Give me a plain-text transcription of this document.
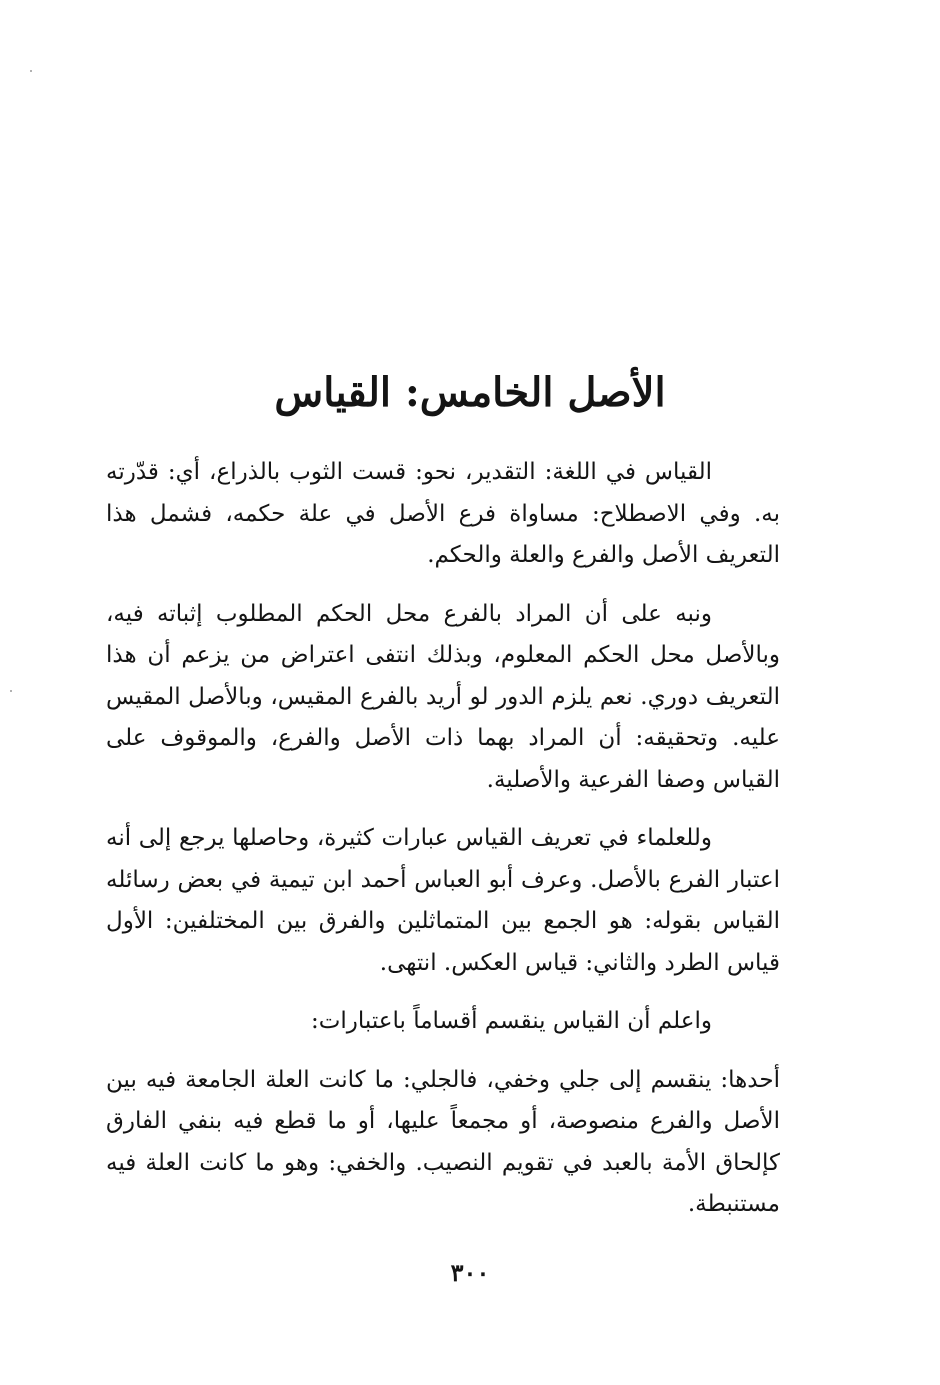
الأصل الخامس: القياس

القياس في اللغة: التقدير، نحو: قست الثوب بالذراع، أي: قدّرته به. وفي الاصطلاح: مساواة فرع الأصل في علة حكمه، فشمل هذا التعريف الأصل والفرع والعلة والحكم.

ونبه على أن المراد بالفرع محل الحكم المطلوب إثباته فيه، وبالأصل محل الحكم المعلوم، وبذلك انتفى اعتراض من يزعم أن هذا التعريف دوري. نعم يلزم الدور لو أريد بالفرع المقيس، وبالأصل المقيس عليه. وتحقيقه: أن المراد بهما ذات الأصل والفرع، والموقوف على القياس وصفا الفرعية والأصلية.

وللعلماء في تعريف القياس عبارات كثيرة، وحاصلها يرجع إلى أنه اعتبار الفرع بالأصل. وعرف أبو العباس أحمد ابن تيمية في بعض رسائله القياس بقوله: هو الجمع بين المتماثلين والفرق بين المختلفين: الأول قياس الطرد والثاني: قياس العكس. انتهى.

واعلم أن القياس ينقسم أقساماً باعتبارات:

أحدها: ينقسم إلى جلي وخفي، فالجلي: ما كانت العلة الجامعة فيه بين الأصل والفرع منصوصة، أو مجمعاً عليها، أو ما قطع فيه بنفي الفارق كإلحاق الأمة بالعبد في تقويم النصيب. والخفي: وهو ما كانت العلة فيه مستنبطة.

٣٠٠
